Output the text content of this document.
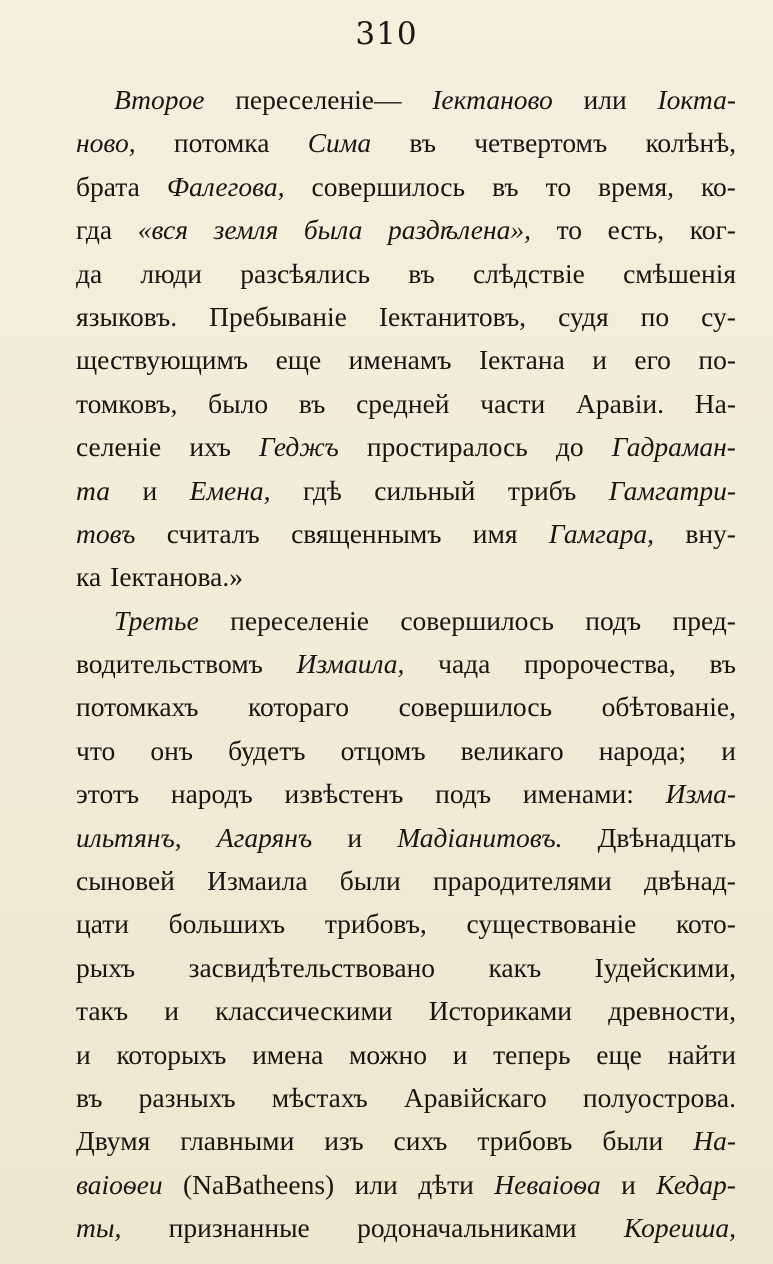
310
Второе переселеніе— Іектаново или Іокта-
ново, потомка Сима въ четвертомъ колѣнѣ,
брата Фалегова, совершилось въ то время, ко-
гда «вся земля была раздѣлена», то есть, ког-
да люди разсѣялись въ слѣдствіе смѣшенія
языковъ. Пребываніе Іектанитовъ, судя по су-
ществующимъ еще именамъ Іектана и его по-
томковъ, было въ средней части Аравіи. На-
селеніе ихъ Геджъ простиралось до Гадраман-
та и Емена, гдѣ сильный трибъ Гамгатри-
товъ считалъ священнымъ имя Гамгара, вну-
ка Іектанова.»
Третье переселеніе совершилось подъ пред-
водительствомъ Измаила, чада пророчества, въ
потомкахъ котораго совершилось обѣтованіе,
что онъ будетъ отцомъ великаго народа; и
этотъ народъ извѣстенъ подъ именами: Изма-
ильтянъ, Агарянъ и Мадіанитовъ. Двѣнадцать
сыновей Измаила были прародителями двѣнад-
цати большихъ трибовъ, существованіе кото-
рыхъ засвидѣтельствовано какъ Іудейскими,
такъ и классическими Историками древности,
и которыхъ имена можно и теперь еще найти
въ разныхъ мѣстахъ Аравійскаго полуострова.
Двумя главными изъ сихъ трибовъ были На-
ваіоѳеи (NaBatheens) или дѣти Неваіоѳа и Кедар-
ты, признанные родоначальниками Кореиша,
